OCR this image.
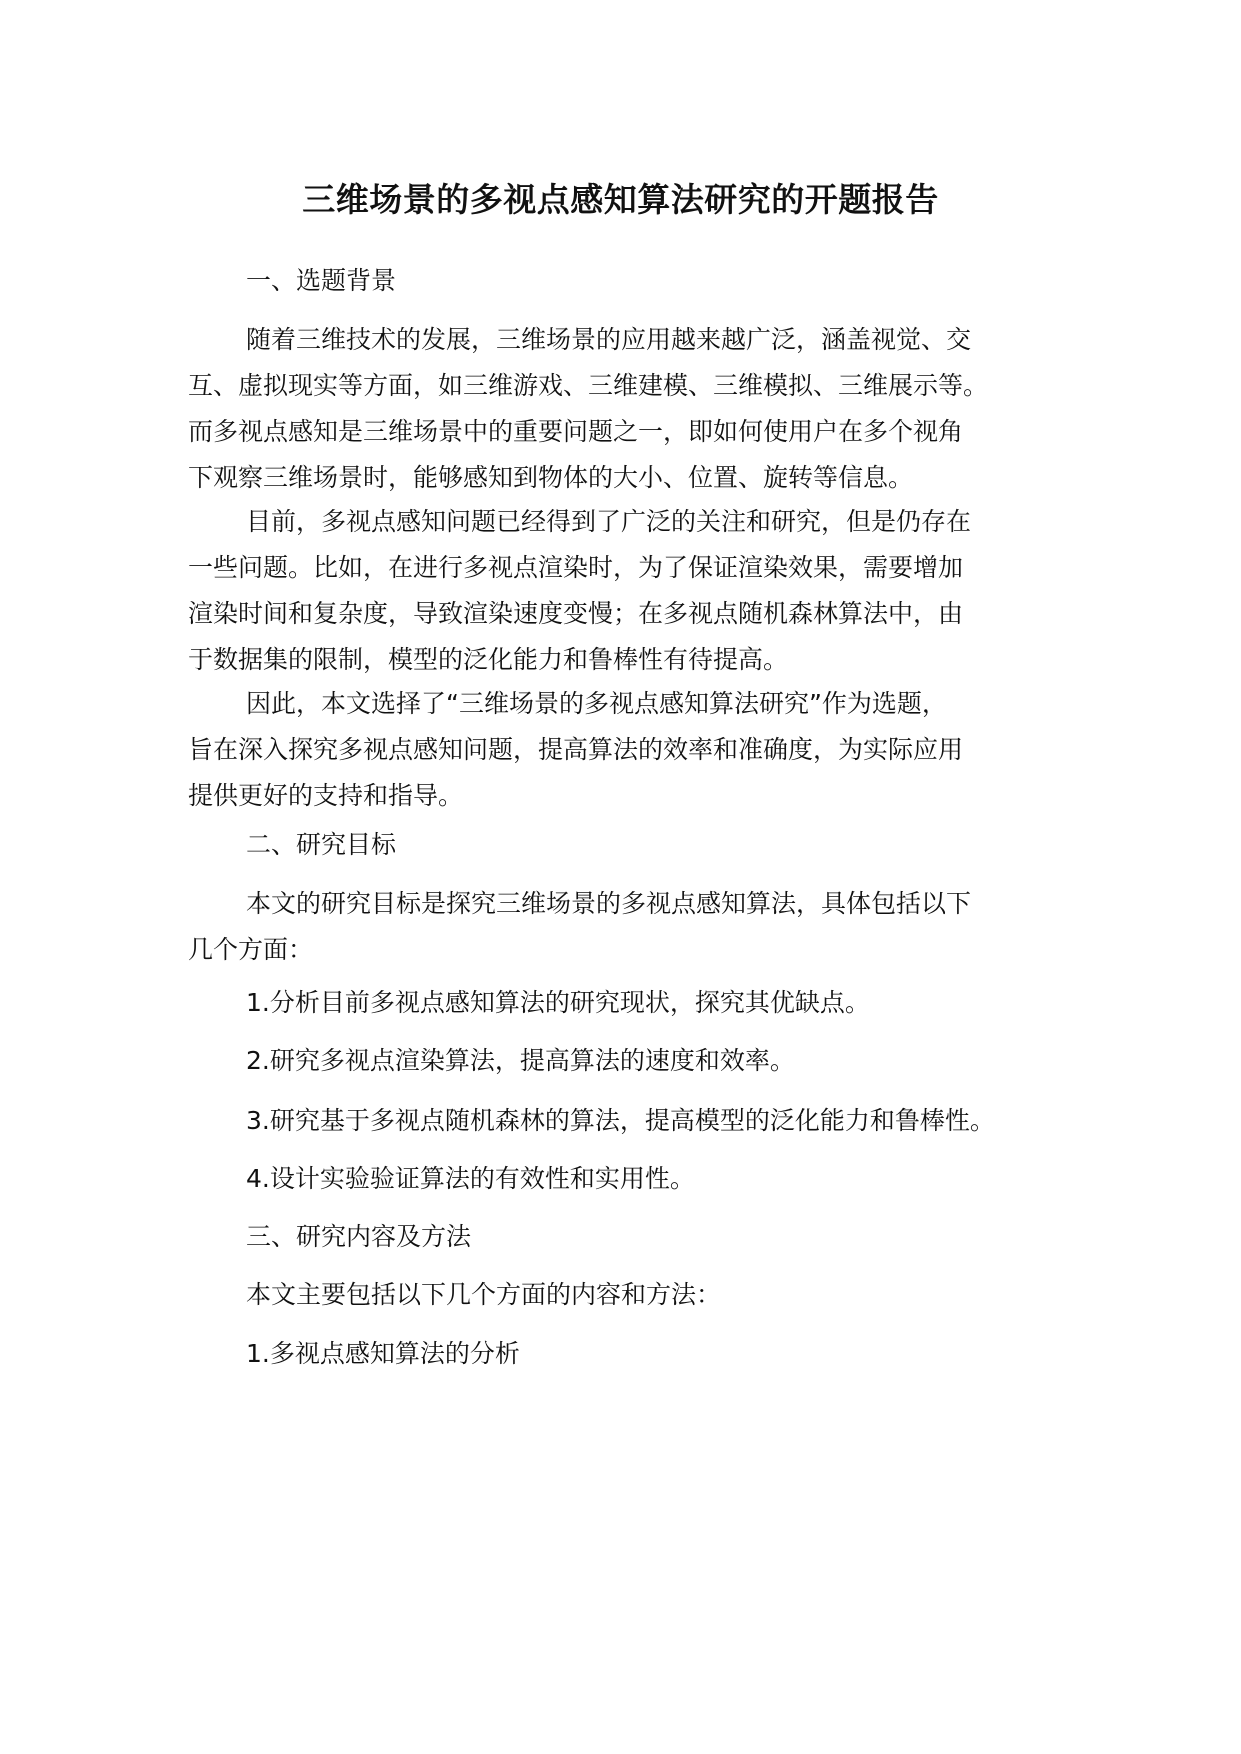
三维场景的多视点感知算法研究的开题报告

一、选题背景

随着三维技术的发展，三维场景的应用越来越广泛，涵盖视觉、交
互、虚拟现实等方面，如三维游戏、三维建模、三维模拟、三维展示等。
而多视点感知是三维场景中的重要问题之一，即如何使用户在多个视角
下观察三维场景时，能够感知到物体的大小、位置、旋转等信息。

目前，多视点感知问题已经得到了广泛的关注和研究，但是仍存在
一些问题。比如，在进行多视点渲染时，为了保证渲染效果，需要增加
渲染时间和复杂度，导致渲染速度变慢；在多视点随机森林算法中，由
于数据集的限制，模型的泛化能力和鲁棒性有待提高。

因此，本文选择了“三维场景的多视点感知算法研究”作为选题，
旨在深入探究多视点感知问题，提高算法的效率和准确度，为实际应用
提供更好的支持和指导。

二、研究目标

本文的研究目标是探究三维场景的多视点感知算法，具体包括以下
几个方面：

1.分析目前多视点感知算法的研究现状，探究其优缺点。

2.研究多视点渲染算法，提高算法的速度和效率。

3.研究基于多视点随机森林的算法，提高模型的泛化能力和鲁棒性。

4.设计实验验证算法的有效性和实用性。

三、研究内容及方法

本文主要包括以下几个方面的内容和方法：

1.多视点感知算法的分析
